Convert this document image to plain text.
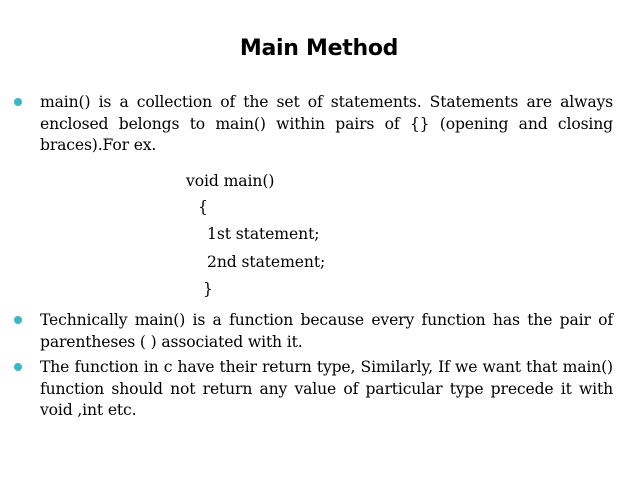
Main Method
main() is a collection of the set of statements. Statements are always enclosed belongs to main() within pairs of {} (opening and closing braces).For ex.
void main()
{
1st statement;
2nd statement;
}
Technically main() is a function because every function has the pair of parentheses ( ) associated with it.
The function in c have their return type, Similarly, If we want that main() function should not return any value of particular type precede it with void ,int etc.
